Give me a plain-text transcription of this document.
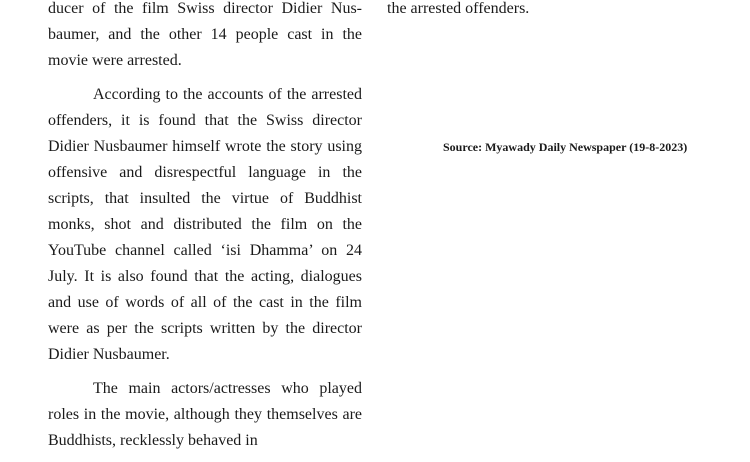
ducer of the film Swiss director Didier Nusbaumer, and the other 14 people cast in the movie were arrested.

According to the accounts of the arrested offenders, it is found that the Swiss director Didier Nusbaumer himself wrote the story using offensive and disrespectful language in the scripts, that insulted the virtue of Buddhist monks, shot and distributed the film on the YouTube channel called ‘isi Dhamma’ on 24 July. It is also found that the acting, dialogues and use of words of all of the cast in the film were as per the scripts written by the director Didier Nusbaumer.

The main actors/actresses who played roles in the movie, although they themselves are Buddhists, recklessly behaved in

the arrested offenders.

Source: Myawady Daily Newspaper (19-8-2023)
